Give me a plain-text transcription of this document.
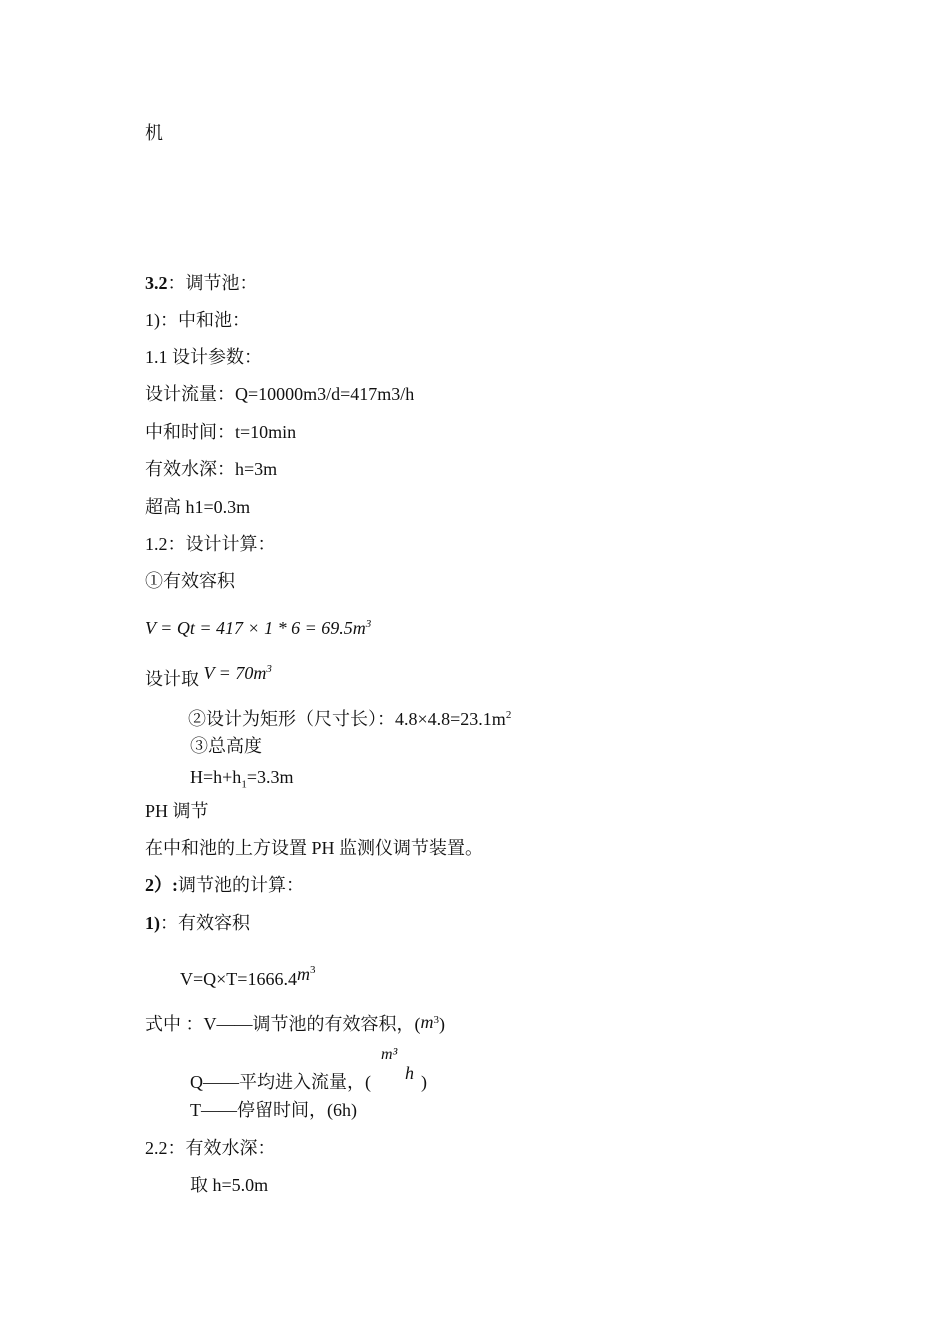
机
3.2：调节池：
1)：中和池：
1.1 设计参数：
设计流量：Q=10000m3/d=417m3/h
中和时间：t=10min
有效水深：h=3m
超高 h1=0.3m
1.2：设计计算：
①有效容积
$V = Qt = 417 \times 1 * 6 = 69.5m^3$
设计取 $V = 70m^3$
②设计为矩形（尺寸长）：$4.8\times 4.8=23.1m^2$
③总高度
$H=h+h_1=3.3m$
PH 调节
在中和池的上方设置 PH 监测仪调节装置。
2）:调节池的计算：
1)：有效容积
$V=Q\times T=1666.4m^3$
式中 ：V——调节池的有效容积，$(m^3)$
Q——平均进入流量，(
m³
h )
T——停留时间，(6h)
2.2：有效水深：
取 h=5.0m
